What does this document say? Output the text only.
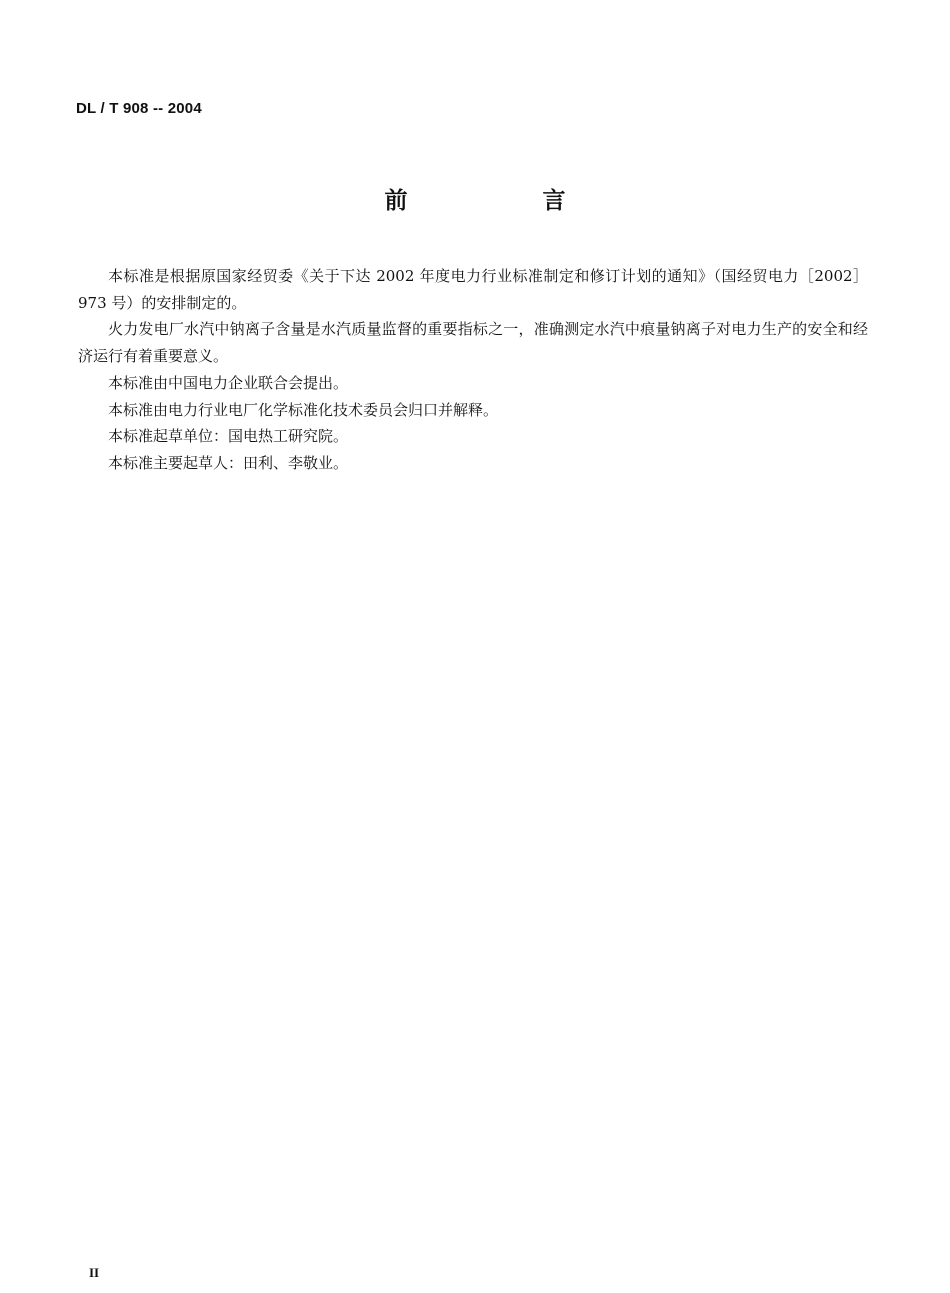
DL / T 908 -- 2004
前　言

本标准是根据原国家经贸委《关于下达 2002 年度电力行业标准制定和修订计划的通知》（国经贸电力［2002］973 号）的安排制定的。

火力发电厂水汽中钠离子含量是水汽质量监督的重要指标之一，准确测定水汽中痕量钠离子对电力生产的安全和经济运行有着重要意义。

本标准由中国电力企业联合会提出。

本标准由电力行业电厂化学标准化技术委员会归口并解释。

本标准起草单位：国电热工研究院。

本标准主要起草人：田利、李敬业。

II
